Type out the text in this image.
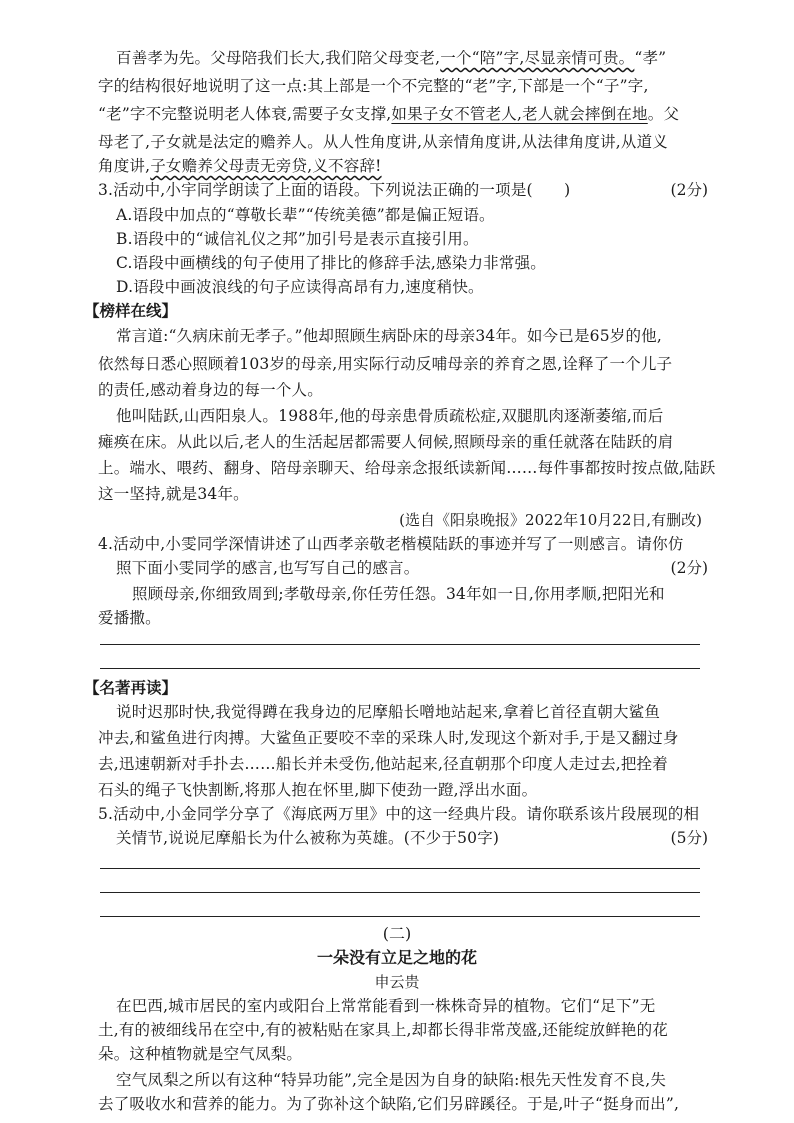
百善孝为先。父母陪我们长大,我们陪父母变老,一个“陪”字,尽显亲情可贵。“孝”
字的结构很好地说明了这一点:其上部是一个不完整的“老”字,下部是一个“子”字,
“老”字不完整说明老人体衰,需要子女支撑,如果子女不管老人,老人就会摔倒在地。父
母老了,子女就是法定的赡养人。从人性角度讲,从亲情角度讲,从法律角度讲,从道义
角度讲,子女赡养父母责无旁贷,义不容辞!
3.活动中,小宇同学朗读了上面的语段。下列说法正确的一项是(　　)	(2分)
A.语段中加点的“尊敬长辈”“传统美德”都是偏正短语。
B.语段中的“诚信礼仪之邦”加引号是表示直接引用。
C.语段中画横线的句子使用了排比的修辞手法,感染力非常强。
D.语段中画波浪线的句子应读得高昂有力,速度稍快。
【榜样在线】
常言道:“久病床前无孝子。”他却照顾生病卧床的母亲34年。如今已是65岁的他,
依然每日悉心照顾着103岁的母亲,用实际行动反哺母亲的养育之恩,诠释了一个儿子
的责任,感动着身边的每一个人。
他叫陆跃,山西阳泉人。1988年,他的母亲患骨质疏松症,双腿肌肉逐渐萎缩,而后
瘫痪在床。从此以后,老人的生活起居都需要人伺候,照顾母亲的重任就落在陆跃的肩
上。端水、喂药、翻身、陪母亲聊天、给母亲念报纸读新闻……每件事都按时按点做,陆跃
这一坚持,就是34年。
(选自《阳泉晚报》2022年10月22日,有删改)
4.活动中,小雯同学深情讲述了山西孝亲敬老楷模陆跃的事迹并写了一则感言。请你仿
照下面小雯同学的感言,也写写自己的感言。	(2分)
照顾母亲,你细致周到;孝敬母亲,你任劳任怨。34年如一日,你用孝顺,把阳光和
爱播撒。
【名著再读】
说时迟那时快,我觉得蹲在我身边的尼摩船长噌地站起来,拿着匕首径直朝大鲨鱼
冲去,和鲨鱼进行肉搏。大鲨鱼正要咬不幸的采珠人时,发现这个新对手,于是又翻过身
去,迅速朝新对手扑去……船长并未受伤,他站起来,径直朝那个印度人走过去,把拴着
石头的绳子飞快割断,将那人抱在怀里,脚下使劲一蹬,浮出水面。
5.活动中,小金同学分享了《海底两万里》中的这一经典片段。请你联系该片段展现的相
关情节,说说尼摩船长为什么被称为英雄。(不少于50字)	(5分)
(二)
一朵没有立足之地的花
申云贵
在巴西,城市居民的室内或阳台上常常能看到一株株奇异的植物。它们“足下”无
土,有的被细线吊在空中,有的被粘贴在家具上,却都长得非常茂盛,还能绽放鲜艳的花
朵。这种植物就是空气凤梨。
空气凤梨之所以有这种“特异功能”,完全是因为自身的缺陷:根先天性发育不良,失
去了吸收水和营养的能力。为了弥补这个缺陷,它们另辟蹊径。于是,叶子“挺身而出”,
